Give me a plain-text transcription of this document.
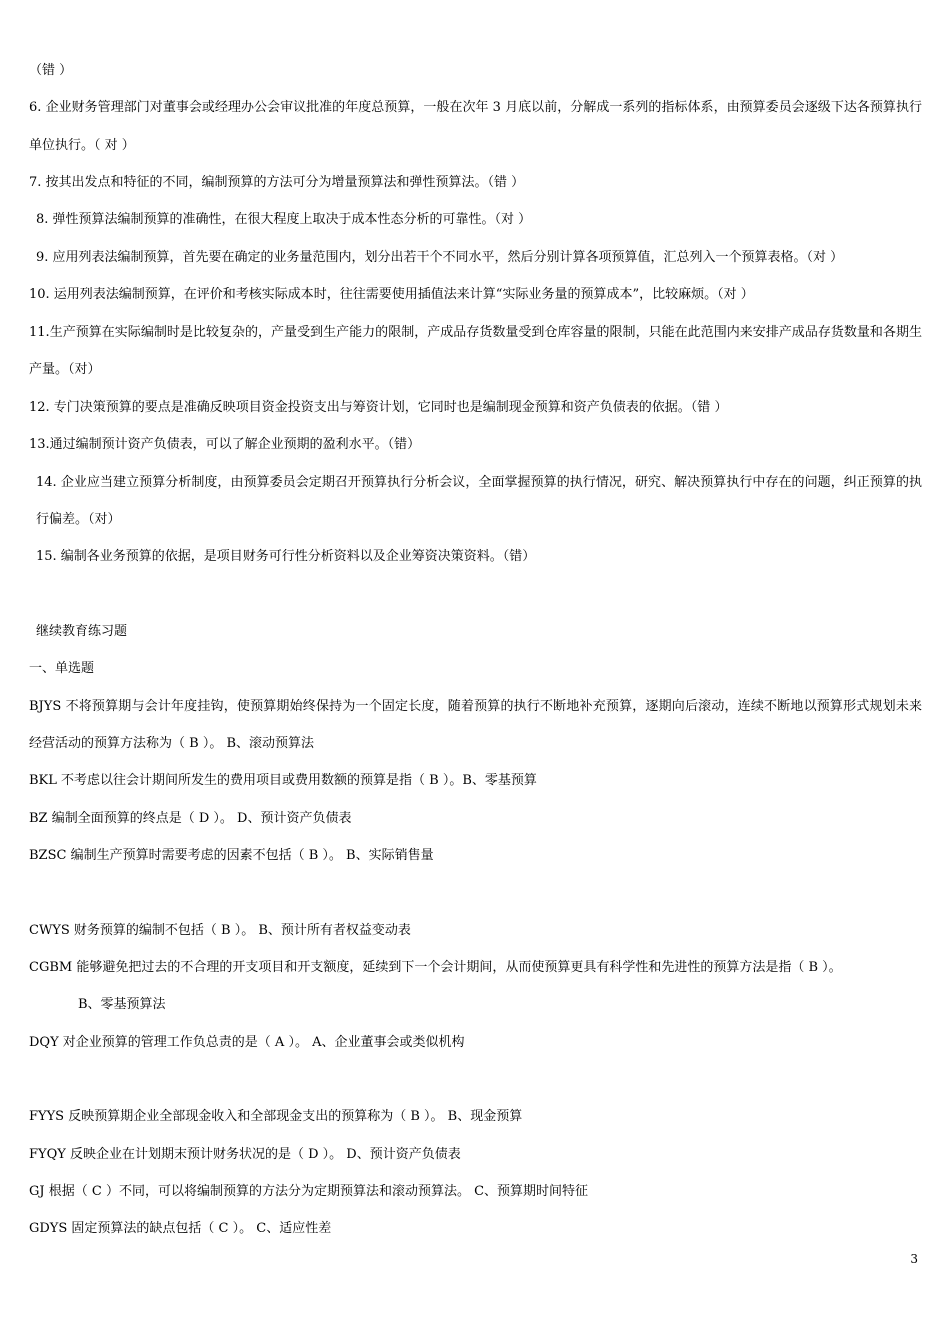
（错 ）
6. 企业财务管理部门对董事会或经理办公会审议批准的年度总预算，一般在次年 3 月底以前，分解成一系列的指标体系，由预算委员会逐级下达各预算执行单位执行。（ 对 ）
7. 按其出发点和特征的不同，编制预算的方法可分为增量预算法和弹性预算法。（错 ）
8. 弹性预算法编制预算的准确性，在很大程度上取决于成本性态分析的可靠性。（对 ）
9. 应用列表法编制预算，首先要在确定的业务量范围内，划分出若干个不同水平，然后分别计算各项预算值，汇总列入一个预算表格。（对 ）
10. 运用列表法编制预算，在评价和考核实际成本时，往往需要使用插值法来计算“实际业务量的预算成本”，比较麻烦。（对 ）
11.生产预算在实际编制时是比较复杂的，产量受到生产能力的限制，产成品存货数量受到仓库容量的限制，只能在此范围内来安排产成品存货数量和各期生产量。（对）
12. 专门决策预算的要点是准确反映项目资金投资支出与筹资计划，它同时也是编制现金预算和资产负债表的依据。（错 ）
13.通过编制预计资产负债表，可以了解企业预期的盈利水平。（错）
14. 企业应当建立预算分析制度，由预算委员会定期召开预算执行分析会议，全面掌握预算的执行情况，研究、解决预算执行中存在的问题，纠正预算的执行偏差。（对）
15. 编制各业务预算的依据，是项目财务可行性分析资料以及企业筹资决策资料。（错）
继续教育练习题
一、单选题
BJYS 不将预算期与会计年度挂钩，使预算期始终保持为一个固定长度，随着预算的执行不断地补充预算，逐期向后滚动，连续不断地以预算形式规划未来经营活动的预算方法称为（ B ）。 B、滚动预算法
BKL 不考虑以往会计期间所发生的费用项目或费用数额的预算是指（ B ）。B、零基预算
BZ 编制全面预算的终点是（ D ）。 D、预计资产负债表
BZSC 编制生产预算时需要考虑的因素不包括（ B ）。 B、实际销售量
CWYS 财务预算的编制不包括（ B ）。 B、预计所有者权益变动表
CGBM 能够避免把过去的不合理的开支项目和开支额度，延续到下一个会计期间，从而使预算更具有科学性和先进性的预算方法是指（ B ）。
B、零基预算法
DQY 对企业预算的管理工作负总责的是（ A ）。 A、企业董事会或类似机构
FYYS 反映预算期企业全部现金收入和全部现金支出的预算称为（ B ）。 B、现金预算
FYQY 反映企业在计划期末预计财务状况的是（ D ）。 D、预计资产负债表
GJ 根据（ C ）不同，可以将编制预算的方法分为定期预算法和滚动预算法。 C、预算期时间特征
GDYS 固定预算法的缺点包括（ C ）。 C、适应性差
3
